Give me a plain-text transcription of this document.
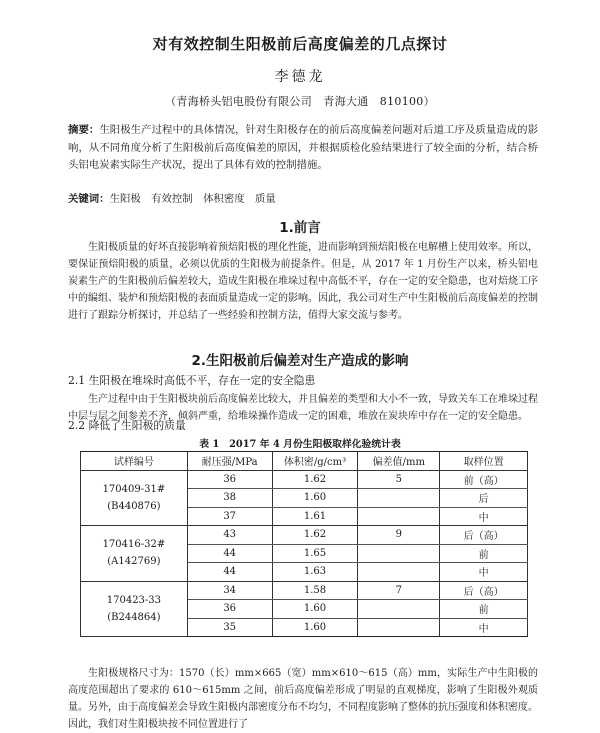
对有效控制生阳极前后高度偏差的几点探讨
李德龙
（青海桥头铝电股份有限公司　青海大通　810100）
摘要：生阳极生产过程中的具体情况，针对生阳极存在的前后高度偏差问题对后道工序及质量造成的影响，从不同角度分析了生阳极前后高度偏差的原因，并根据质检化验结果进行了较全面的分析，结合桥头铝电炭素实际生产状况，提出了具体有效的控制措施。
关键词：生阳极　有效控制　体积密度　质量
1.前言
生阳极质量的好坏直接影响着预焙阳极的理化性能，进而影响到预焙阳极在电解槽上使用效率。所以，要保证预焙阳极的质量，必须以优质的生阳极为前提条件。但是，从 2017 年 1 月份生产以来，桥头铝电炭素生产的生阳极前后偏差较大，造成生阳极在堆垛过程中高低不平，存在一定的安全隐患，也对焙烧工序中的编组、装炉和预焙阳极的表面质量造成一定的影响。因此，我公司对生产中生阳极前后高度偏差的控制进行了跟踪分析探讨，并总结了一些经验和控制方法，值得大家交流与参考。
2.生阳极前后偏差对生产造成的影响
2.1 生阳极在堆垛时高低不平，存在一定的安全隐患
生产过程中由于生阳极块前后高度偏差比较大，并且偏差的类型和大小不一致，导致关车工在堆垛过程中层与层之间参差不齐，倾斜严重，给堆垛操作造成一定的困难，堆放在炭块库中存在一定的安全隐患。
2.2 降低了生阳极的质量
表 1　2017 年 4 月份生阳极取样化验统计表
试样编号	耐压强/MPa	体积密/g/cm³	偏差值/mm	取样位置
170409-31#
(B440876)	36	1.62	5	前（高）
	38	1.60		后
	37	1.61		中
170416-32#
(A142769)	43	1.62	9	后（高）
	44	1.65		前
	44	1.63		中
170423-33
(B244864)	34	1.58	7	后（高）
	36	1.60		前
	35	1.60		中
生阳极规格尺寸为：1570（长）mm×665（宽）mm×610～615（高）mm，实际生产中生阳极的高度范围超出了要求的 610～615mm 之间，前后高度偏差形成了明显的直观梯度，影响了生阳极外观质量。另外，由于高度偏差会导致生阳极内部密度分布不均匀，不同程度影响了整体的抗压强度和体积密度。因此，我们对生阳极块按不同位置进行了
